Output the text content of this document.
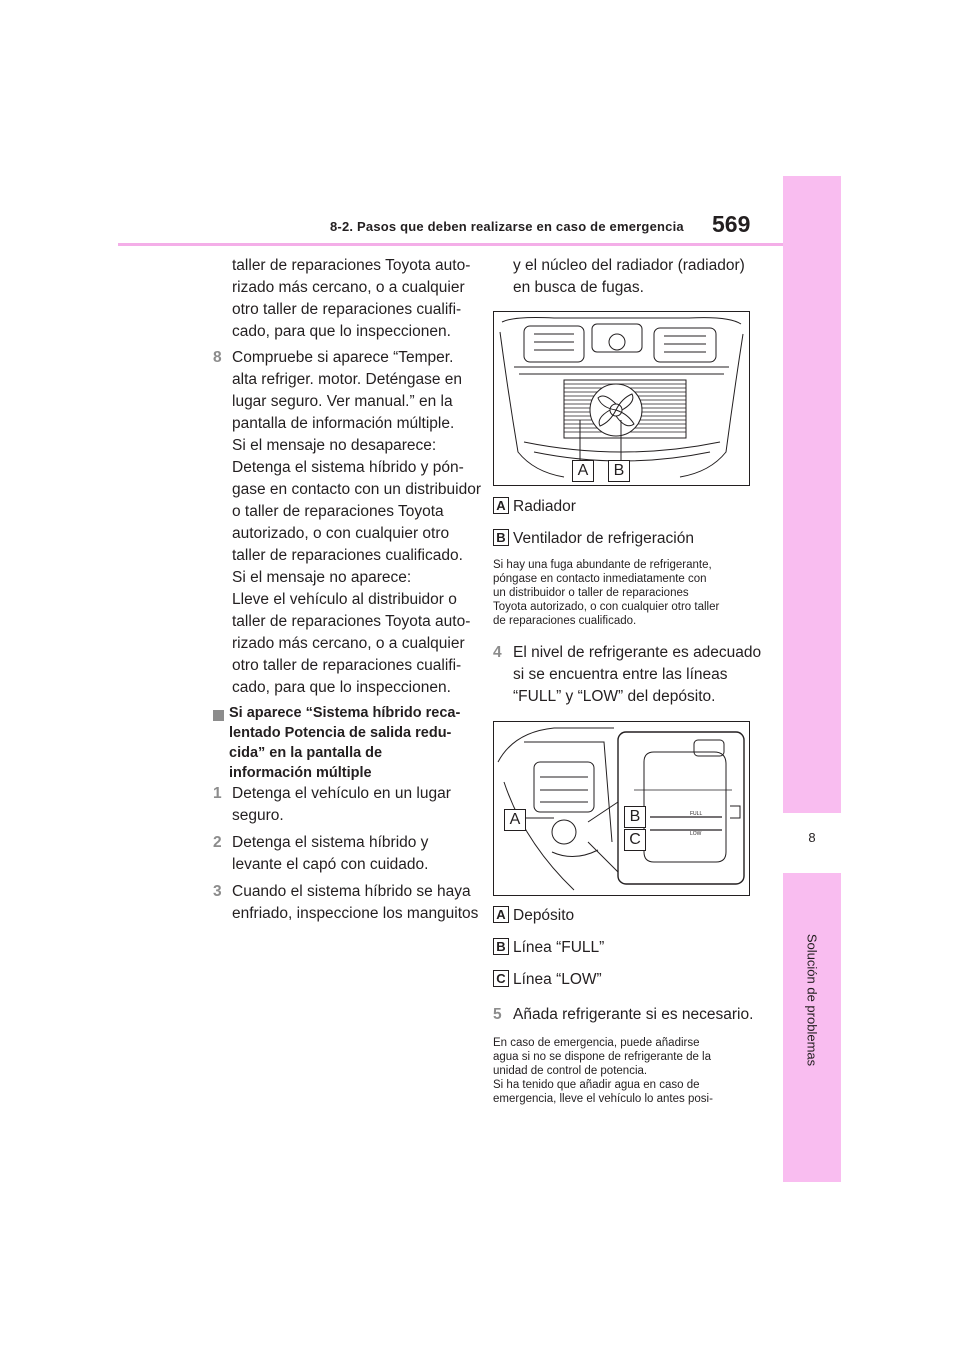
8-2. Pasos que deben realizarse en caso de emergencia 569
8
Solución de problemas
taller de reparaciones Toyota auto-
rizado más cercano, o a cualquier
otro taller de reparaciones cualifi-
cado, para que lo inspeccionen.
8 Compruebe si aparece “Temper.
alta refriger. motor. Deténgase en
lugar seguro. Ver manual.” en la
pantalla de información múltiple.
Si el mensaje no desaparece:
Detenga el sistema híbrido y pón-
gase en contacto con un distribuidor
o taller de reparaciones Toyota
autorizado, o con cualquier otro
taller de reparaciones cualificado.
Si el mensaje no aparece:
Lleve el vehículo al distribuidor o
taller de reparaciones Toyota auto-
rizado más cercano, o a cualquier
otro taller de reparaciones cualifi-
cado, para que lo inspeccionen.
Si aparece “Sistema híbrido reca-
lentado Potencia de salida redu-
cida” en la pantalla de
información múltiple
1 Detenga el vehículo en un lugar
seguro.
2 Detenga el sistema híbrido y
levante el capó con cuidado.
3 Cuando el sistema híbrido se haya
enfriado, inspeccione los manguitos
y el núcleo del radiador (radiador)
en busca de fugas.
A	B
A Radiador
B Ventilador de refrigeración
Si hay una fuga abundante de refrigerante,
póngase en contacto inmediatamente con
un distribuidor o taller de reparaciones
Toyota autorizado, o con cualquier otro taller
de reparaciones cualificado.
4 El nivel de refrigerante es adecuado
si se encuentra entre las líneas
“FULL” y “LOW” del depósito.
FULL
LOW
A	B
C
A Depósito
B Línea “FULL”
C Línea “LOW”
5 Añada refrigerante si es necesario.
En caso de emergencia, puede añadirse
agua si no se dispone de refrigerante de la
unidad de control de potencia.
Si ha tenido que añadir agua en caso de
emergencia, lleve el vehículo lo antes posi-
